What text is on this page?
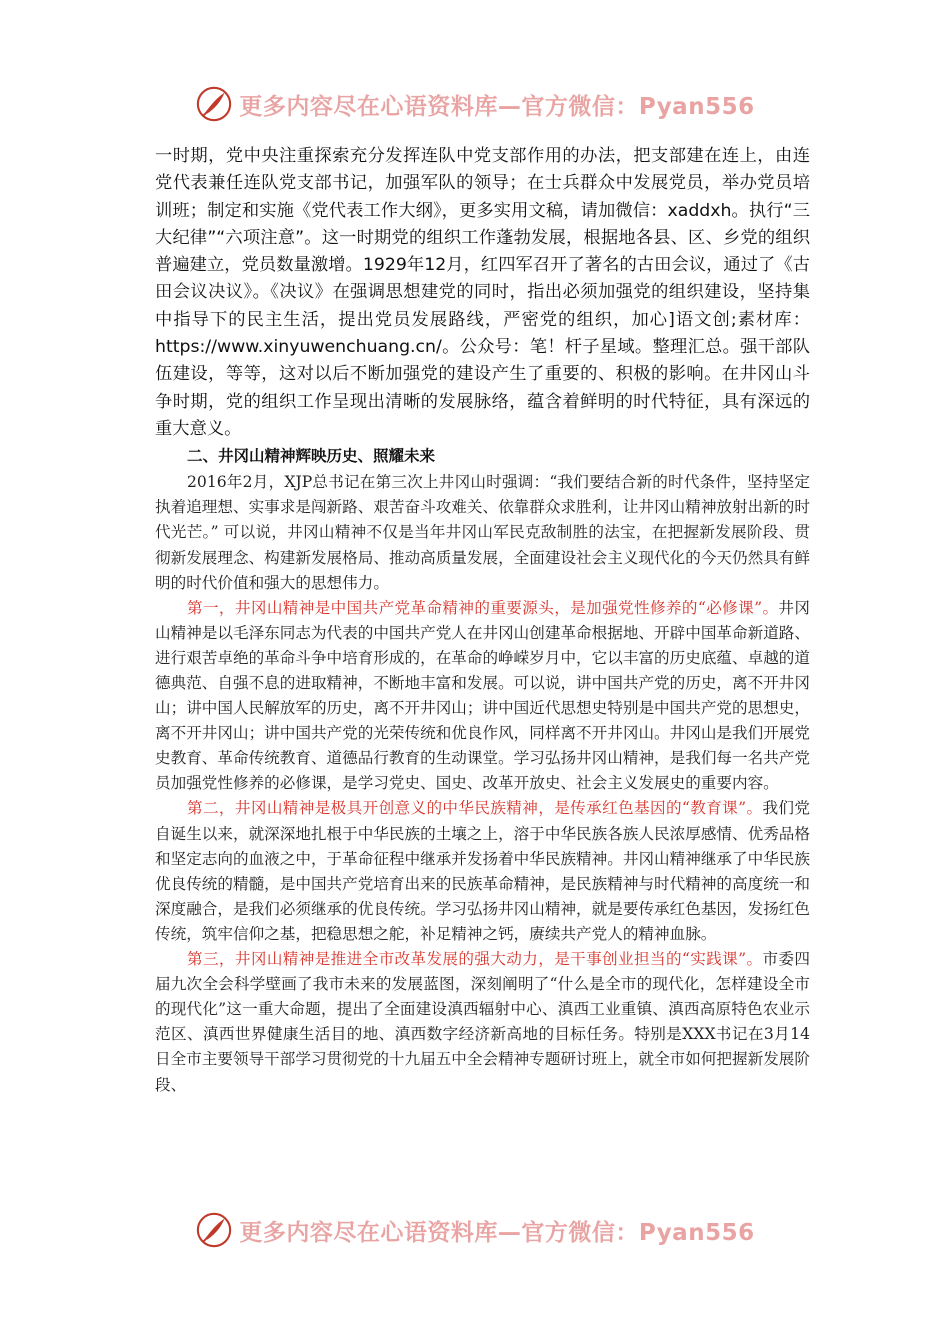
更多内容尽在心语资料库—官方微信：Pyan556

一时期，党中央注重探索充分发挥连队中党支部作用的办法，把支部建在连上，由连党代表兼任连队党支部书记，加强军队的领导；在士兵群众中发展党员，举办党员培训班；制定和实施《党代表工作大纲》，更多实用文稿，请加微信：xaddxh。执行“三大纪律”“六项注意”。这一时期党的组织工作蓬勃发展，根据地各县、区、乡党的组织普遍建立，党员数量激增。1929年12月，红四军召开了著名的古田会议，通过了《古田会议决议》。《决议》在强调思想建党的同时，指出必须加强党的组织建设，坚持集中指导下的民主生活，提出党员发展路线，严密党的组织，加心]语文创;素材库：https://www.xinyuwenchuang.cn/。公众号：笔！杆子星域。整理汇总。强干部队伍建设，等等，这对以后不断加强党的建设产生了重要的、积极的影响。在井冈山斗争时期，党的组织工作呈现出清晰的发展脉络，蕴含着鲜明的时代特征，具有深远的重大意义。

二、井冈山精神辉映历史、照耀未来

2016年2月，XJP总书记在第三次上井冈山时强调：“我们要结合新的时代条件，坚持坚定执着追理想、实事求是闯新路、艰苦奋斗攻难关、依靠群众求胜利，让井冈山精神放射出新的时代光芒。” 可以说，井冈山精神不仅是当年井冈山军民克敌制胜的法宝，在把握新发展阶段、贯彻新发展理念、构建新发展格局、推动高质量发展，全面建设社会主义现代化的今天仍然具有鲜明的时代价值和强大的思想伟力。

第一，井冈山精神是中国共产党革命精神的重要源头，是加强党性修养的“必修课”。井冈山精神是以毛泽东同志为代表的中国共产党人在井冈山创建革命根据地、开辟中国革命新道路、进行艰苦卓绝的革命斗争中培育形成的，在革命的峥嵘岁月中，它以丰富的历史底蕴、卓越的道德典范、自强不息的进取精神，不断地丰富和发展。可以说，讲中国共产党的历史，离不开井冈山；讲中国人民解放军的历史，离不开井冈山；讲中国近代思想史特别是中国共产党的思想史，离不开井冈山；讲中国共产党的光荣传统和优良作风，同样离不开井冈山。井冈山是我们开展党史教育、革命传统教育、道德品行教育的生动课堂。学习弘扬井冈山精神，是我们每一名共产党员加强党性修养的必修课，是学习党史、国史、改革开放史、社会主义发展史的重要内容。

第二，井冈山精神是极具开创意义的中华民族精神，是传承红色基因的“教育课”。我们党自诞生以来，就深深地扎根于中华民族的土壤之上，溶于中华民族各族人民浓厚感情、优秀品格和坚定志向的血液之中，于革命征程中继承并发扬着中华民族精神。井冈山精神继承了中华民族优良传统的精髓，是中国共产党培育出来的民族革命精神，是民族精神与时代精神的高度统一和深度融合，是我们必须继承的优良传统。学习弘扬井冈山精神，就是要传承红色基因，发扬红色传统，筑牢信仰之基，把稳思想之舵，补足精神之钙，赓续共产党人的精神血脉。

第三，井冈山精神是推进全市改革发展的强大动力，是干事创业担当的“实践课”。市委四届九次全会科学壁画了我市未来的发展蓝图，深刻阐明了“什么是全市的现代化，怎样建设全市的现代化”这一重大命题，提出了全面建设滇西辐射中心、滇西工业重镇、滇西高原特色农业示范区、滇西世界健康生活目的地、滇西数字经济新高地的目标任务。特别是XXX书记在3月14日全市主要领导干部学习贯彻党的十九届五中全会精神专题研讨班上，就全市如何把握新发展阶段、

更多内容尽在心语资料库—官方微信：Pyan556
